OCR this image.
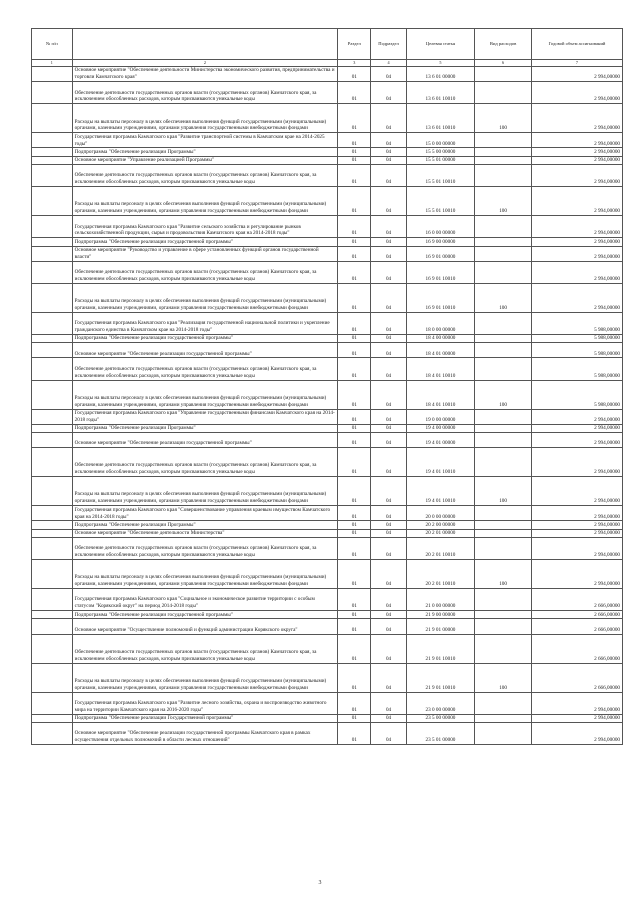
№ п/п		Раздел	Подраздел	Целевая статья	Вид расходов	Годовой объем ассигнований
1	2	3	4	5	6	7
	Основное мероприятие "Обеспечение деятельности Министерства экономического развития, предпринимательства и торговли Камчатского края"	01	04	13 6 01 00000		2 994,00000
	Обеспечение деятельности государственных органов власти (государственных органов) Камчатского края, за исключением обособленных расходов, которым присваиваются уникальные коды	01	04	13 6 01 10010		2 994,00000
	Расходы на выплаты персоналу в целях обеспечения выполнения функций государственными (муниципальными) органами, казенными учреждениями, органами управления государственными внебюджетными фондами	01	04	13 6 01 10010	100	2 994,00000
	Государственная программа Камчатского края "Развитие транспортной системы в Камчатском крае на 2014-2025 годы"	01	04	15 0 00 00000		2 994,00000
	Подпрограмма "Обеспечение реализации Программы"	01	04	15 5 00 00000		2 994,00000
	Основное мероприятие "Управление реализацией Программы"	01	04	15 5 01 00000		2 994,00000
	Обеспечение деятельности государственных органов власти (государственных органов) Камчатского края, за исключением обособленных расходов, которым присваиваются уникальные коды	01	04	15 5 01 10010		2 994,00000
	Расходы на выплаты персоналу в целях обеспечения выполнения функций государственными (муниципальными) органами, казенными учреждениями, органами управления государственными внебюджетными фондами	01	04	15 5 01 10010	100	2 994,00000
	Государственная программа Камчатского края "Развитие сельского хозяйства и регулирование рынков сельскохозяйственной продукции, сырья и продовольствия Камчатского края на 2014-2018 годы"	01	04	16 0 00 00000		2 994,00000
	Подпрограмма "Обеспечение реализации государственной программы"	01	04	16 9 00 00000		2 994,00000
	Основное мероприятие "Руководство и управление в сфере установленных функций органов государственной власти"	01	04	16 9 01 00000		2 994,00000
	Обеспечение деятельности государственных органов власти (государственных органов) Камчатского края, за исключением обособленных расходов, которым присваиваются уникальные коды	01	04	16 9 01 10010		2 994,00000
	Расходы на выплаты персоналу в целях обеспечения выполнения функций государственными (муниципальными) органами, казенными учреждениями, органами управления государственными внебюджетными фондами	01	04	16 9 01 10010	100	2 994,00000
	Государственная программа Камчатского края "Реализация государственной национальной политики и укрепление гражданского единства в Камчатском крае на 2014-2018 годы"	01	04	18 0 00 00000		5 988,00000
	Подпрограмма "Обеспечение реализации государственной программы"	01	04	18 4 00 00000		5 988,00000
	Основное мероприятие "Обеспечение реализации государственной программы"	01	04	18 4 01 00000		5 988,00000
	Обеспечение деятельности государственных органов власти (государственных органов) Камчатского края, за исключением обособленных расходов, которым присваиваются уникальные коды	01	04	18 4 01 10010		5 988,00000
	Расходы на выплаты персоналу в целях обеспечения выполнения функций государственными (муниципальными) органами, казенными учреждениями, органами управления государственными внебюджетными фондами	01	04	18 4 01 10010	100	5 988,00000
	Государственная программа Камчатского края "Управление государственными финансами Камчатского края на 2014-2018 годы"	01	04	19 0 00 00000		2 994,00000
	Подпрограмма "Обеспечение реализации Программы"	01	04	19 4 00 00000		2 994,00000
	Основное мероприятие "Обеспечение реализации государственной программы"	01	04	19 4 01 00000		2 994,00000
	Обеспечение деятельности государственных органов власти (государственных органов) Камчатского края, за исключением обособленных расходов, которым присваиваются уникальные коды	01	04	19 4 01 10010		2 994,00000
	Расходы на выплаты персоналу в целях обеспечения выполнения функций государственными (муниципальными) органами, казенными учреждениями, органами управления государственными внебюджетными фондами	01	04	19 4 01 10010	100	2 994,00000
	Государственная программа Камчатского края "Совершенствование управления краевым имуществом Камчатского края на 2014-2018 годы"	01	04	20 0 00 00000		2 994,00000
	Подпрограмма "Обеспечение реализации Программы"	01	04	20 2 00 00000		2 994,00000
	Основное мероприятие "Обеспечение деятельности Министерства"	01	04	20 2 01 00000		2 994,00000
	Обеспечение деятельности государственных органов власти (государственных органов) Камчатского края, за исключением обособленных расходов, которым присваиваются уникальные коды	01	04	20 2 01 10010		2 994,00000
	Расходы на выплаты персоналу в целях обеспечения выполнения функций государственными (муниципальными) органами, казенными учреждениями, органами управления государственными внебюджетными фондами	01	04	20 2 01 10010	100	2 994,00000
	Государственная программа Камчатского края "Социальное и экономическое развитие территории с особым статусом "Корякский округ" на период 2014-2018 годы"	01	04	21 0 00 00000		2 666,00000
	Подпрограмма "Обеспечение реализации государственной программы"	01	04	21 9 00 00000		2 666,00000
	Основное мероприятие "Осуществление полномочий и функций администрации Корякского округа"	01	04	21 9 01 00000		2 666,00000
	Обеспечение деятельности государственных органов власти (государственных органов) Камчатского края, за исключением обособленных расходов, которым присваиваются уникальные коды	01	04	21 9 01 10010		2 666,00000
	Расходы на выплаты персоналу в целях обеспечения выполнения функций государственными (муниципальными) органами, казенными учреждениями, органами управления государственными внебюджетными фондами	01	04	21 9 01 10010	100	2 666,00000
	Государственная программа Камчатского края "Развитие лесного хозяйства, охрана и воспроизводство животного мира на территории Камчатского края на 2016-2020 годы"	01	04	23 0 00 00000		2 994,00000
	Подпрограмма "Обеспечение реализации Государственной программы"	01	04	23 5 00 00000		2 994,00000
	Основное мероприятие "Обеспечение реализации государственной программы Камчатского края в рамках осуществления отдельных полномочий в области лесных отношений"	01	04	23 5 01 00000		2 994,00000
3
